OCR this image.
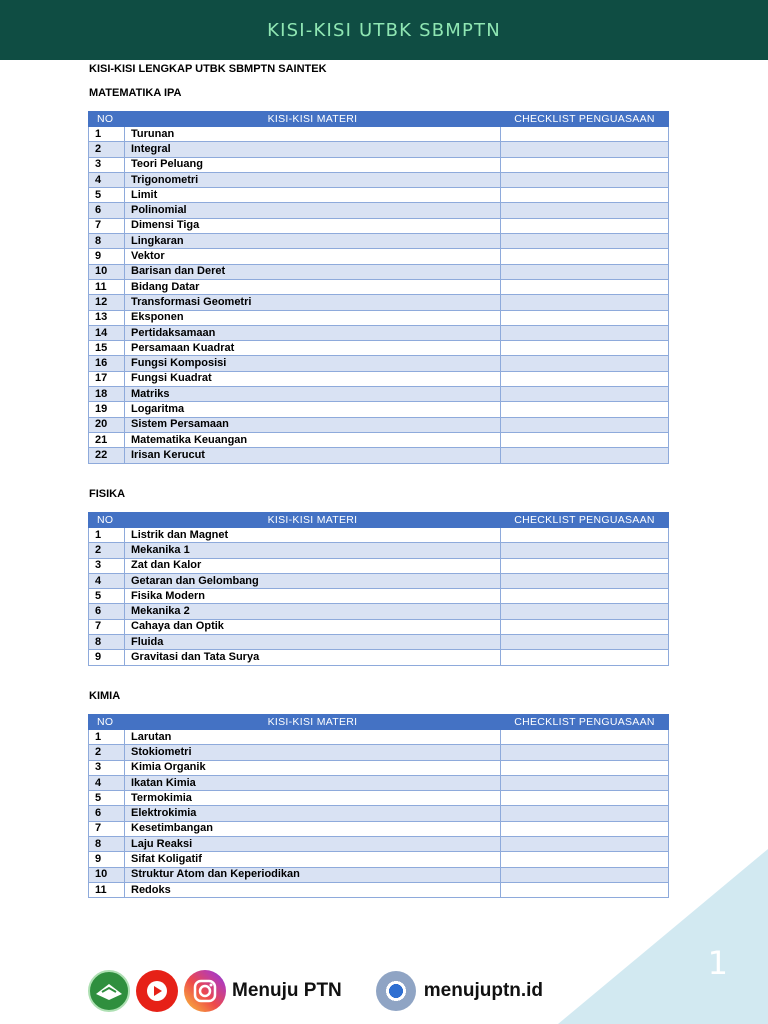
KISI-KISI UTBK SBMPTN
KISI-KISI LENGKAP UTBK SBMPTN SAINTEK
MATEMATIKA IPA
NO	KISI-KISI MATERI	CHECKLIST PENGUASAAN
1	Turunan	
2	Integral	
3	Teori Peluang	
4	Trigonometri	
5	Limit	
6	Polinomial	
7	Dimensi Tiga	
8	Lingkaran	
9	Vektor	
10	Barisan dan Deret	
11	Bidang Datar	
12	Transformasi Geometri	
13	Eksponen	
14	Pertidaksamaan	
15	Persamaan Kuadrat	
16	Fungsi Komposisi	
17	Fungsi Kuadrat	
18	Matriks	
19	Logaritma	
20	Sistem Persamaan	
21	Matematika Keuangan	
22	Irisan Kerucut	
FISIKA
NO	KISI-KISI MATERI	CHECKLIST PENGUASAAN
1	Listrik dan Magnet	
2	Mekanika 1	
3	Zat dan Kalor	
4	Getaran dan Gelombang	
5	Fisika Modern	
6	Mekanika 2	
7	Cahaya dan Optik	
8	Fluida	
9	Gravitasi dan Tata Surya	
KIMIA
NO	KISI-KISI MATERI	CHECKLIST PENGUASAAN
1	Larutan	
2	Stokiometri	
3	Kimia Organik	
4	Ikatan Kimia	
5	Termokimia	
6	Elektrokimia	
7	Kesetimbangan	
8	Laju Reaksi	
9	Sifat Koligatif	
10	Struktur Atom dan Keperiodikan	
11	Redoks	
1
Menuju PTN	menujuptn.id
